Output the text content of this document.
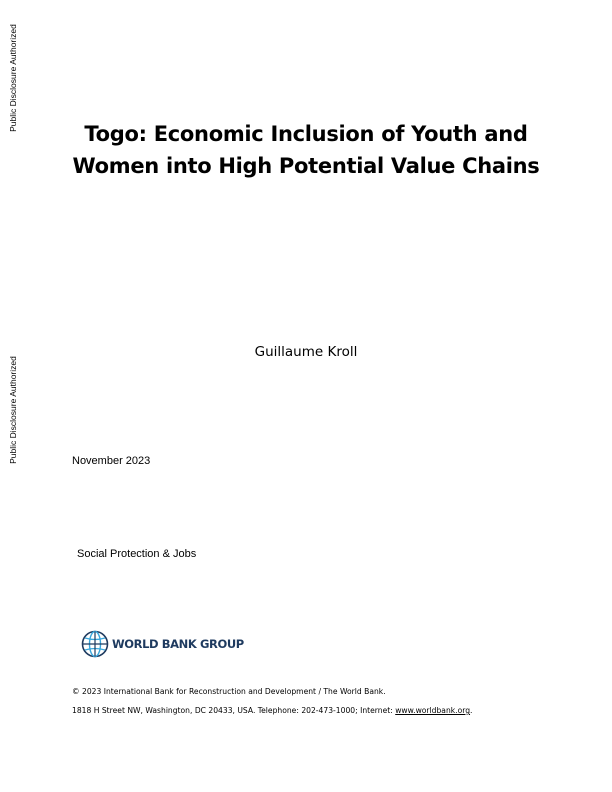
Public Disclosure Authorized
Public Disclosure Authorized
Togo: Economic Inclusion of Youth and
Women into High Potential Value Chains
Guillaume Kroll
November 2023
Social Protection & Jobs
WORLD BANK GROUP
© 2023 International Bank for Reconstruction and Development / The World Bank.
1818 H Street NW, Washington, DC 20433, USA. Telephone: 202-473-1000; Internet: www.worldbank.org.
